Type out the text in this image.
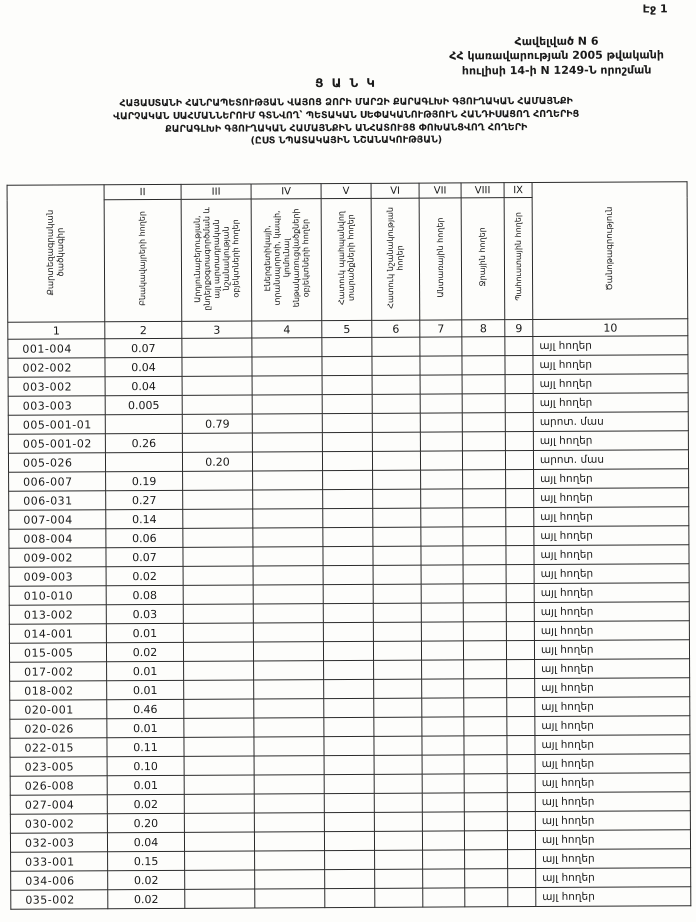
Էջ 1
Հավելված N 6
ՀՀ կառավարության 2005 թվականի
հուլիսի 14-ի N 1249-Ն որոշման
Ց Ա Ն Կ
ՀԱՅԱՍՏԱՆԻ ՀԱՆՐԱՊԵՏՈՒԹՅԱՆ ՎԱՅՈՑ ՁՈՐԻ ՄԱՐԶԻ ՔԱՐԱԳԼԽԻ ԳՅՈՒՂԱԿԱՆ ՀԱՄԱՅՆՔԻ
ՎԱՐՉԱԿԱՆ ՍԱՀՄԱՆՆԵՐՈՒՄ ԳՏՆՎՈՂ՝ ՊԵՏԱԿԱՆ ՍԵՓԱԿԱՆՈՒԹՅՈՒՆ ՀԱՆԴԻՍԱՑՈՂ ՀՈՂԵՐԻՑ
ՔԱՐԱԳԼԽԻ ԳՅՈՒՂԱԿԱՆ ՀԱՄԱՅՆՔԻՆ ԱՆՀԱՏՈՒՅՑ ՓՈԽԱՆՑՎՈՂ ՀՈՂԵՐԻ
(ԸՍՏ ՆՊԱՏԱԿԱՅԻՆ ՆՇԱՆԱԿՈՒԹՅԱՆ)
Քարտեզագրական ծածկագիր	II	III	IV	V	VI	VII	VIII	IX	Ծանոթագրություն
	Բնակավայրերի հողեր	Արդյունաբերության, ընդերքօգտագործման և այլ արտադրական նշանակության օբյեկտների հողեր	Էներգետիկայի, տրանսպորտի, կապի, կոմունալ ենթակառուցվածքների օբյեկտների հողեր	Հատուկ պահպանվող տարածքների հողեր	Հատուկ նշանակության հողեր	Անտառային հողեր	Ջրային հողեր	Պահուստային հողեր	
1	2	3	4	5	6	7	8	9	10
001-004	0.07								այլ հողեր
002-002	0.04								այլ հողեր
003-002	0.04								այլ հողեր
003-003	0.005								այլ հողեր
005-001-01		0.79							արոտ. մաս
005-001-02	0.26								այլ հողեր
005-026		0.20							արոտ. մաս
006-007	0.19								այլ հողեր
006-031	0.27								այլ հողեր
007-004	0.14								այլ հողեր
008-004	0.06								այլ հողեր
009-002	0.07								այլ հողեր
009-003	0.02								այլ հողեր
010-010	0.08								այլ հողեր
013-002	0.03								այլ հողեր
014-001	0.01								այլ հողեր
015-005	0.02								այլ հողեր
017-002	0.01								այլ հողեր
018-002	0.01								այլ հողեր
020-001	0.46								այլ հողեր
020-026	0.01								այլ հողեր
022-015	0.11								այլ հողեր
023-005	0.10								այլ հողեր
026-008	0.01								այլ հողեր
027-004	0.02								այլ հողեր
030-002	0.20								այլ հողեր
032-003	0.04								այլ հողեր
033-001	0.15								այլ հողեր
034-006	0.02								այլ հողեր
035-002	0.02								այլ հողեր
